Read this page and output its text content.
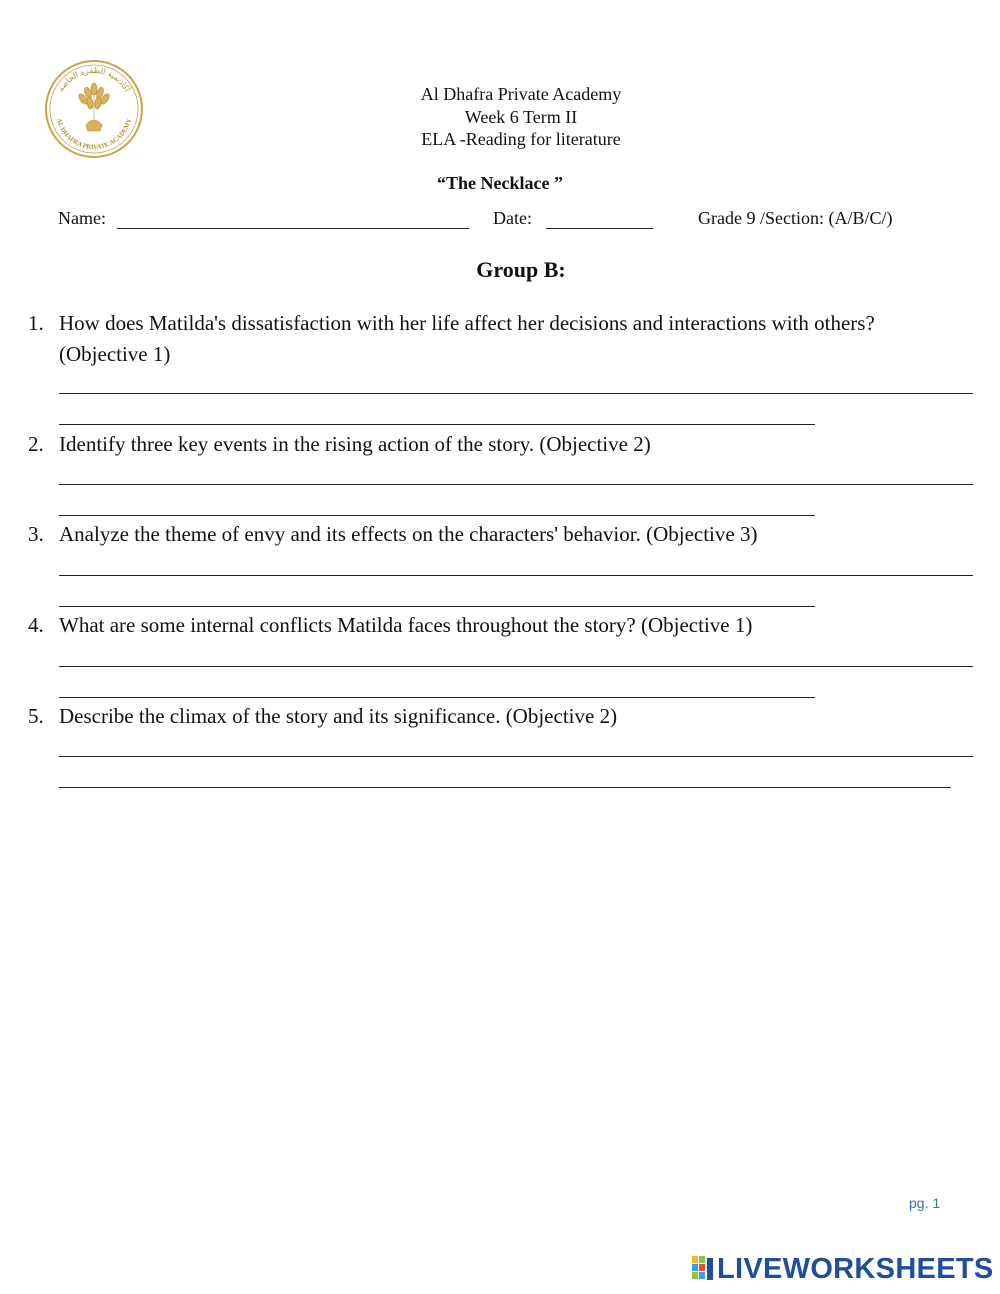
أكاديمية الظفرة الخاصة
AL DHAFRA PRIVATE ACADEMY
Al Dhafra Private Academy
Week 6 Term II
ELA -Reading for literature
“The Necklace ”
Name:	Date:	Grade 9 /Section: (A/B/C/)
Group B:
1. How does Matilda's dissatisfaction with her life affect her decisions and interactions with others? (Objective 1)
2. Identify three key events in the rising action of the story. (Objective 2)
3. Analyze the theme of envy and its effects on the characters' behavior. (Objective 3)
4. What are some internal conflicts Matilda faces throughout the story? (Objective 1)
5. Describe the climax of the story and its significance. (Objective 2)
pg. 1
LIVEWORKSHEETS
